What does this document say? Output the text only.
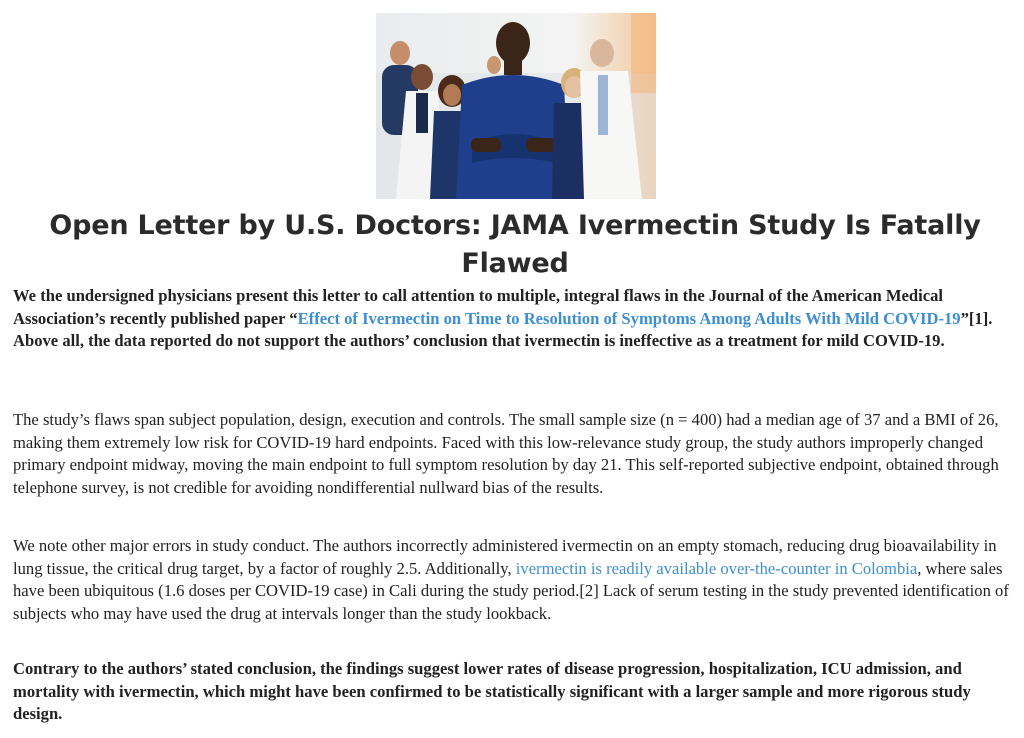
Open Letter by U.S. Doctors: JAMA Ivermectin Study Is Fatally Flawed

We the undersigned physicians present this letter to call attention to multiple, integral flaws in the Journal of the American Medical Association’s recently published paper “Effect of Ivermectin on Time to Resolution of Symptoms Among Adults With Mild COVID-19”[1]. Above all, the data reported do not support the authors’ conclusion that ivermectin is ineffective as a treatment for mild COVID-19.

The study’s flaws span subject population, design, execution and controls. The small sample size (n = 400) had a median age of 37 and a BMI of 26, making them extremely low risk for COVID-19 hard endpoints. Faced with this low-relevance study group, the study authors improperly changed primary endpoint midway, moving the main endpoint to full symptom resolution by day 21. This self-reported subjective endpoint, obtained through telephone survey, is not credible for avoiding nondifferential nullward bias of the results.

We note other major errors in study conduct. The authors incorrectly administered ivermectin on an empty stomach, reducing drug bioavailability in lung tissue, the critical drug target, by a factor of roughly 2.5. Additionally, ivermectin is readily available over-the-counter in Colombia, where sales have been ubiquitous (1.6 doses per COVID-19 case) in Cali during the study period.[2] Lack of serum testing in the study prevented identification of subjects who may have used the drug at intervals longer than the study lookback.

Contrary to the authors’ stated conclusion, the findings suggest lower rates of disease progression, hospitalization, ICU admission, and mortality with ivermectin, which might have been confirmed to be statistically significant with a larger sample and more rigorous study design.
